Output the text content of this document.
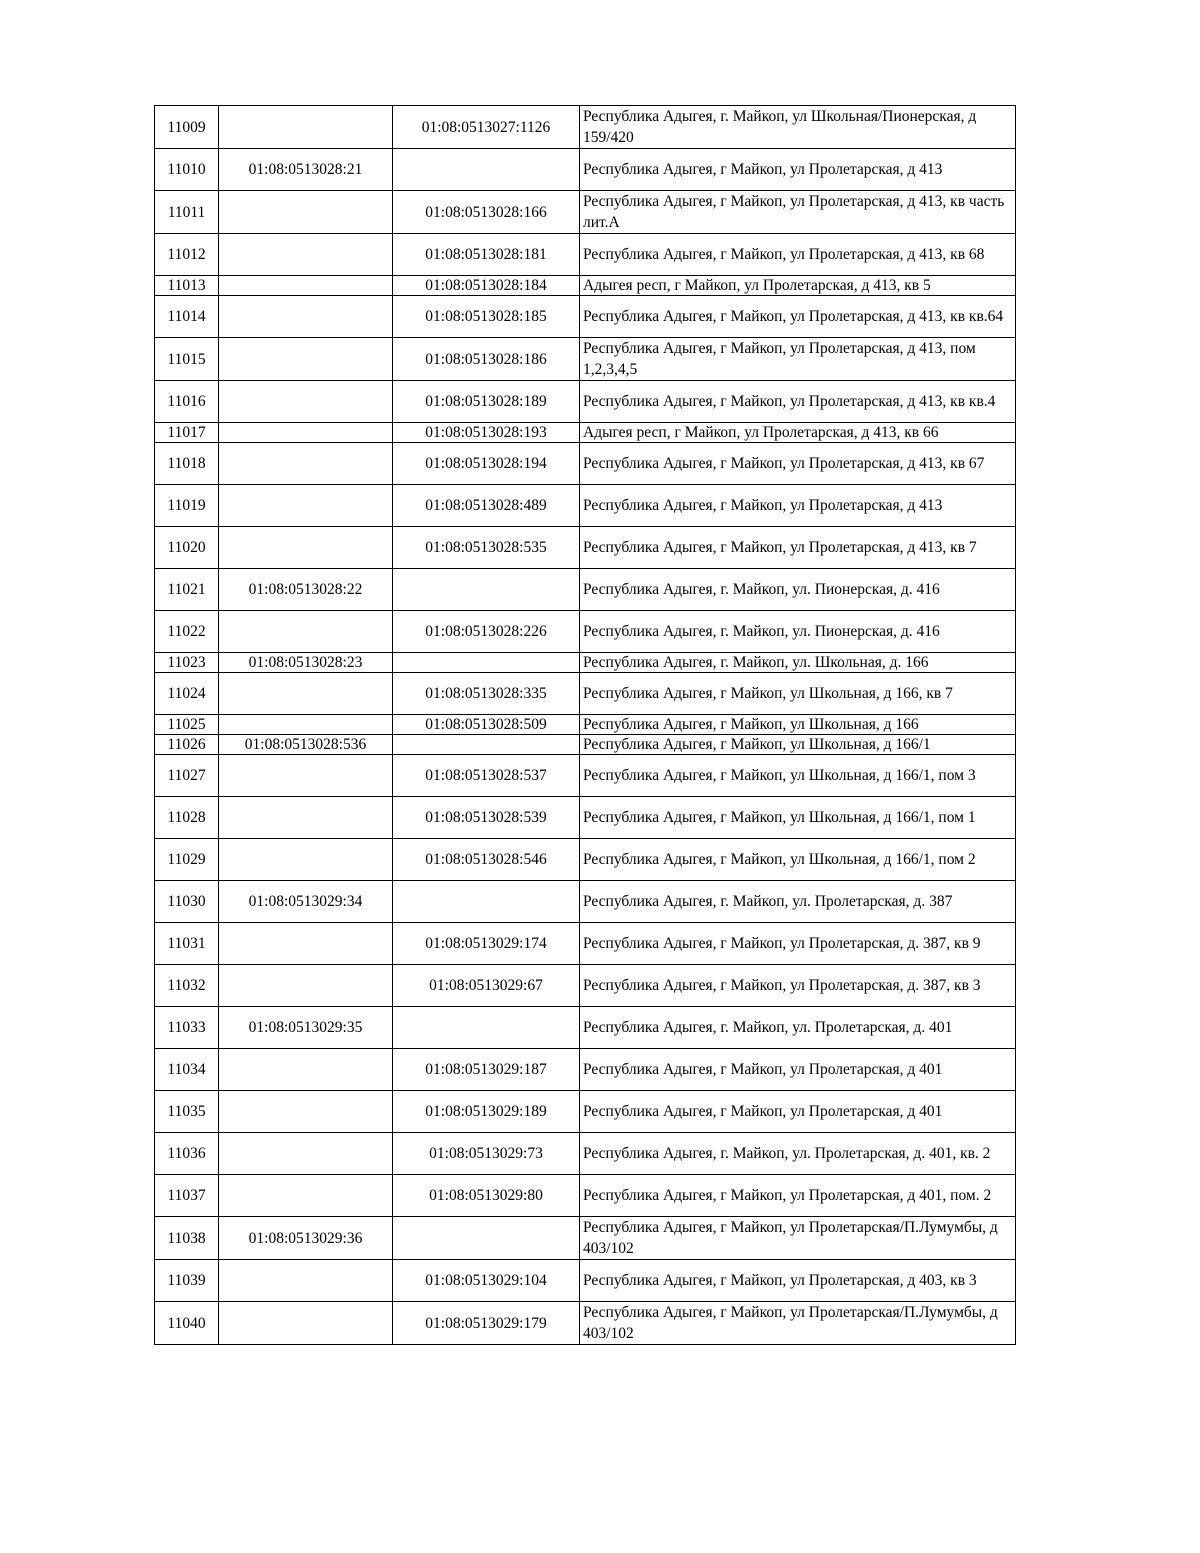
11009		01:08:0513027:1126	Республика Адыгея, г. Майкоп, ул Школьная/Пионерская, д 159/420
11010	01:08:0513028:21		Республика Адыгея, г Майкоп, ул Пролетарская, д 413
11011		01:08:0513028:166	Республика Адыгея, г Майкоп, ул Пролетарская, д 413, кв часть лит.А
11012		01:08:0513028:181	Республика Адыгея, г Майкоп, ул Пролетарская, д 413, кв 68
11013		01:08:0513028:184	Адыгея респ, г Майкоп, ул Пролетарская, д 413, кв 5
11014		01:08:0513028:185	Республика Адыгея, г Майкоп, ул Пролетарская, д 413, кв кв.64
11015		01:08:0513028:186	Республика Адыгея, г Майкоп, ул Пролетарская, д 413, пом 1,2,3,4,5
11016		01:08:0513028:189	Республика Адыгея, г Майкоп, ул Пролетарская, д 413, кв кв.4
11017		01:08:0513028:193	Адыгея респ, г Майкоп, ул Пролетарская, д 413, кв 66
11018		01:08:0513028:194	Республика Адыгея, г Майкоп, ул Пролетарская, д 413, кв 67
11019		01:08:0513028:489	Республика Адыгея, г Майкоп, ул Пролетарская, д 413
11020		01:08:0513028:535	Республика Адыгея, г Майкоп, ул Пролетарская, д 413, кв 7
11021	01:08:0513028:22		Республика Адыгея, г. Майкоп, ул. Пионерская, д. 416
11022		01:08:0513028:226	Республика Адыгея, г. Майкоп, ул. Пионерская, д. 416
11023	01:08:0513028:23		Республика Адыгея, г. Майкоп, ул. Школьная, д. 166
11024		01:08:0513028:335	Республика Адыгея, г Майкоп, ул Школьная, д 166, кв 7
11025		01:08:0513028:509	Республика Адыгея, г Майкоп, ул Школьная, д 166
11026	01:08:0513028:536		Республика Адыгея, г Майкоп, ул Школьная, д 166/1
11027		01:08:0513028:537	Республика Адыгея, г Майкоп, ул Школьная, д 166/1, пом 3
11028		01:08:0513028:539	Республика Адыгея, г Майкоп, ул Школьная, д 166/1, пом 1
11029		01:08:0513028:546	Республика Адыгея, г Майкоп, ул Школьная, д 166/1, пом 2
11030	01:08:0513029:34		Республика Адыгея, г. Майкоп, ул. Пролетарская, д. 387
11031		01:08:0513029:174	Республика Адыгея, г Майкоп, ул Пролетарская, д. 387, кв 9
11032		01:08:0513029:67	Республика Адыгея, г Майкоп, ул Пролетарская, д. 387, кв 3
11033	01:08:0513029:35		Республика Адыгея, г. Майкоп, ул. Пролетарская, д. 401
11034		01:08:0513029:187	Республика Адыгея, г Майкоп, ул Пролетарская, д 401
11035		01:08:0513029:189	Республика Адыгея, г Майкоп, ул Пролетарская, д 401
11036		01:08:0513029:73	Республика Адыгея, г. Майкоп, ул. Пролетарская, д. 401, кв. 2
11037		01:08:0513029:80	Республика Адыгея, г Майкоп, ул Пролетарская, д 401, пом. 2
11038	01:08:0513029:36		Республика Адыгея, г Майкоп, ул Пролетарская/П.Лумумбы, д 403/102
11039		01:08:0513029:104	Республика Адыгея, г Майкоп, ул Пролетарская, д 403, кв 3
11040		01:08:0513029:179	Республика Адыгея, г Майкоп, ул Пролетарская/П.Лумумбы, д 403/102
